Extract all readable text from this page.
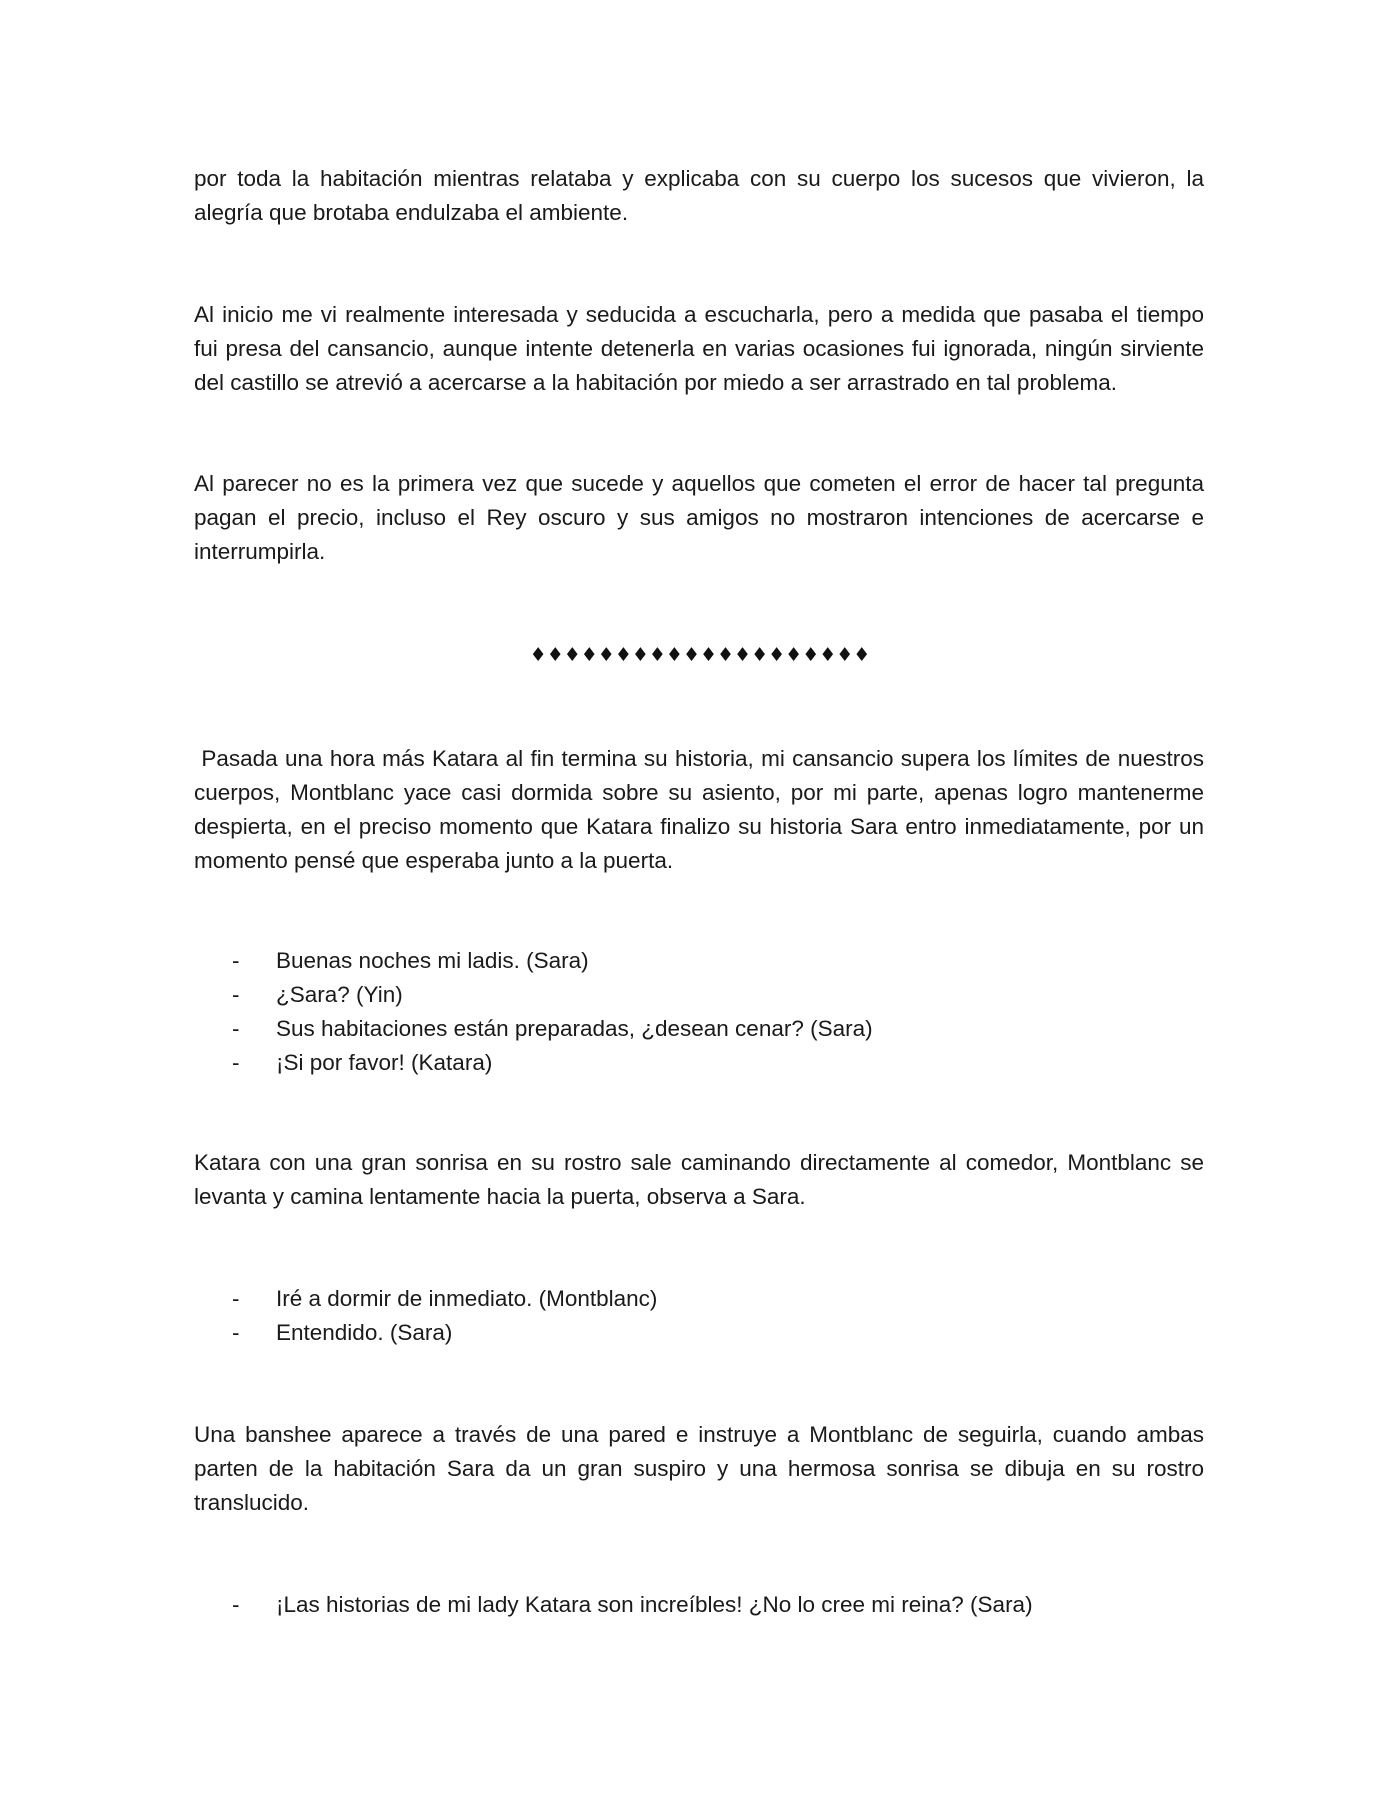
por toda la habitación mientras relataba y explicaba con su cuerpo los sucesos que vivieron, la alegría que brotaba endulzaba el ambiente.

Al inicio me vi realmente interesada y seducida a escucharla, pero a medida que pasaba el tiempo fui presa del cansancio, aunque intente detenerla en varias ocasiones fui ignorada, ningún sirviente del castillo se atrevió a acercarse a la habitación por miedo a ser arrastrado en tal problema.

Al parecer no es la primera vez que sucede y aquellos que cometen el error de hacer tal pregunta pagan el precio, incluso el Rey oscuro y sus amigos no mostraron intenciones de acercarse e interrumpirla.

♦♦♦♦♦♦♦♦♦♦♦♦♦♦♦♦♦♦♦♦

Pasada una hora más Katara al fin termina su historia, mi cansancio supera los límites de nuestros cuerpos, Montblanc yace casi dormida sobre su asiento, por mi parte, apenas logro mantenerme despierta, en el preciso momento que Katara finalizo su historia Sara entro inmediatamente, por un momento pensé que esperaba junto a la puerta.

- Buenas noches mi ladis. (Sara)
- ¿Sara? (Yin)
- Sus habitaciones están preparadas, ¿desean cenar? (Sara)
- ¡Si por favor! (Katara)

Katara con una gran sonrisa en su rostro sale caminando directamente al comedor, Montblanc se levanta y camina lentamente hacia la puerta, observa a Sara.

- Iré a dormir de inmediato. (Montblanc)
- Entendido. (Sara)

Una banshee aparece a través de una pared e instruye a Montblanc de seguirla, cuando ambas parten de la habitación Sara da un gran suspiro y una hermosa sonrisa se dibuja en su rostro translucido.

- ¡Las historias de mi lady Katara son increíbles! ¿No lo cree mi reina? (Sara)
